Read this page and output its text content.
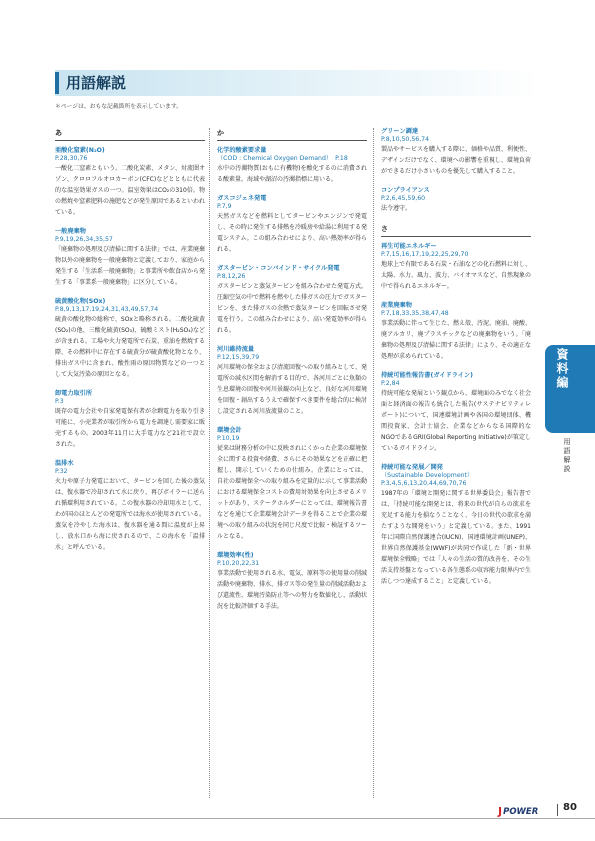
用語解説
＊ページは、おもな記載箇所を表示しています。
あ
亜酸化窒素(N₂O)
P.28,30,76
一酸化二窒素ともいう。二酸化炭素、メタン、対流圏オゾン、クロロフルオロカーボン(CFC)などとともに代表的な温室効果ガスの一つ。温室効果はCO₂の310倍。物の燃焼や窒素肥料の施肥などが発生原因であるといわれている。
一般廃棄物
P.9,19,26,34,35,57
「廃棄物の処理及び清掃に関する法律」では、産業廃棄物以外の廃棄物を一般廃棄物と定義しており、家庭から発生する「生活系一般廃棄物」と事業所や飲食店から発生する「事業系一般廃棄物」に区分している。
硫黄酸化物(SOx)
P.8,9,13,17,19,24,31,43,49,57,74
硫黄の酸化物の総称で、SOxと略称される。二酸化硫黄(SO₂)の他、三酸化硫黄(SO₃)、硫酸ミスト(H₂SO₄)などが含まれる。工場や火力発電所で石炭、重油を燃焼する際、その燃料中に存在する硫黄分が硫黄酸化物となり、排出ガス中に含まれ、酸性雨の原因物質などの一つとして大気汚染の原因となる。
卸電力取引所
P.3
既存の電力会社や自家発電保有者が余剰電力を取り引き可能に、小売業者が取引所から電力を調達し需要家に販売するもの。2003年11月に大手電力など21社で設立された。
温排水
P.32
火力や原子力発電において、タービンを回した後の蒸気は、復水器で冷却されて水に戻り、再びボイラーに送られ循環利用されている。この復水器の冷却用水として、わが国のほとんどの発電所では海水が使用されている。蒸気を冷やした海水は、復水器を通る間に温度が上昇し、放水口から海に戻されるので、この海水を「温排水」と呼んでいる。
か
化学的酸素要求量
（COD : Chemical Oxygen Demand）　P.18
水中の汚濁物質(おもに有機物)を酸化するのに消費される酸素量。海域や湖沼の汚濁指標に用いる。
ガスコジェネ発電
P.7,9
天然ガスなどを燃料としてタービンやエンジンで発電し、その時に発生する排熱を冷暖房や給湯に利用する発電システム。この組み合わせにより、高い熱効率が得られる。
ガスタービン・コンバインド・サイクル発電
P.8,12,26
ガスタービンと蒸気タービンを組み合わせた発電方式。圧縮空気の中で燃料を燃やした排ガスの圧力でガスタービンを、また排ガスの余熱で蒸気タービンを回転させ発電を行う。この組み合わせにより、高い発電効率が得られる。
河川維持流量
P.12,15,39,79
河川環境の保全および清流回復への取り組みとして、発電所の減水区間を解消する目的で、各河川ごとに魚類の生息環境の回復や河川景観の向上など、良好な河川環境を回復・創出するうえで確保すべき要件を総合的に検討し設定される河川放流量のこと。
環境会計
P.10,19
従来は財務分析の中に反映されにくかった企業の環境保全に関する投資や経費、さらにその効果などを正確に把握し、開示していくための仕組み。企業にとっては、自社の環境保全への取り組みを定量的に示して事業活動における環境保全コストの費用対効果を向上させるメリットがあり、ステークホルダーにとっては、環境報告書などを通じて企業環境会計データを得ることで企業の環境への取り組みの状況を同じ尺度で比較・検証するツールとなる。
環境効率(性)
P.10,20,22,31
事業活動で使用される水、電気、原料等の使用量の削減活動や廃棄物、排水、排ガス等の発生量の削減活動および還流性、環境汚染防止等への努力を数値化し、活動状況を比較評価する手法。
グリーン調達
P.8,10,50,56,74
製品やサービスを購入する際に、価格や品質、利便性、デザインだけでなく、環境への影響を重視し、環境負荷ができるだけ小さいものを優先して購入すること。
コンプライアンス
P.2,6,45,59,60
法令遵守。
さ
再生可能エネルギー
P.7,15,16,17,19,22,25,29,70
地球上で有限である石炭・石油などの化石燃料に対し、太陽、水力、風力、波力、バイオマスなど、自然現象の中で得られるエネルギー。
産業廃棄物
P.7,18,33,35,38,47,48
事業活動に伴って生じた、燃え殻、汚泥、廃油、廃酸、廃アルカリ、廃プラスチックなどの廃棄物をいう。「廃棄物の処理及び清掃に関する法律」により、その適正な処理が求められている。
持続可能性報告書(ガイドライン)
P.2,84
持続可能な発展という観点から、環境面のみでなく社会面と経済面の報告も統合した報告(サステナビリティレポート)について、国連環境計画や各国の環境団体、機関投資家、会計士協会、企業などからなる国際的なNGOであるGRI(Global Reporting Initiative)が策定しているガイドライン。
持続可能な発展／開発
（Sustainable Development）　P.3,4,5,6,13,20,44,69,70,76
1987年の「環境と開発に関する世界委員会」報告書では、「持続可能な開発とは、将来の世代が自らの欲求を充足する能力を損なうことなく、今日の世代の欲求を満たすような開発をいう」と定義している。また、1991年に国際自然保護連合(IUCN)、国連環境計画(UNEP)、世界自然保護基金(WWF)が共同で作成した「新・世界環境保全戦略」では「人々の生活の質的改善を、その生活支持基盤となっている各生態系の収容能力限界内で生活しつつ達成すること」と定義している。
資料編
用語解説
J POWER 80
